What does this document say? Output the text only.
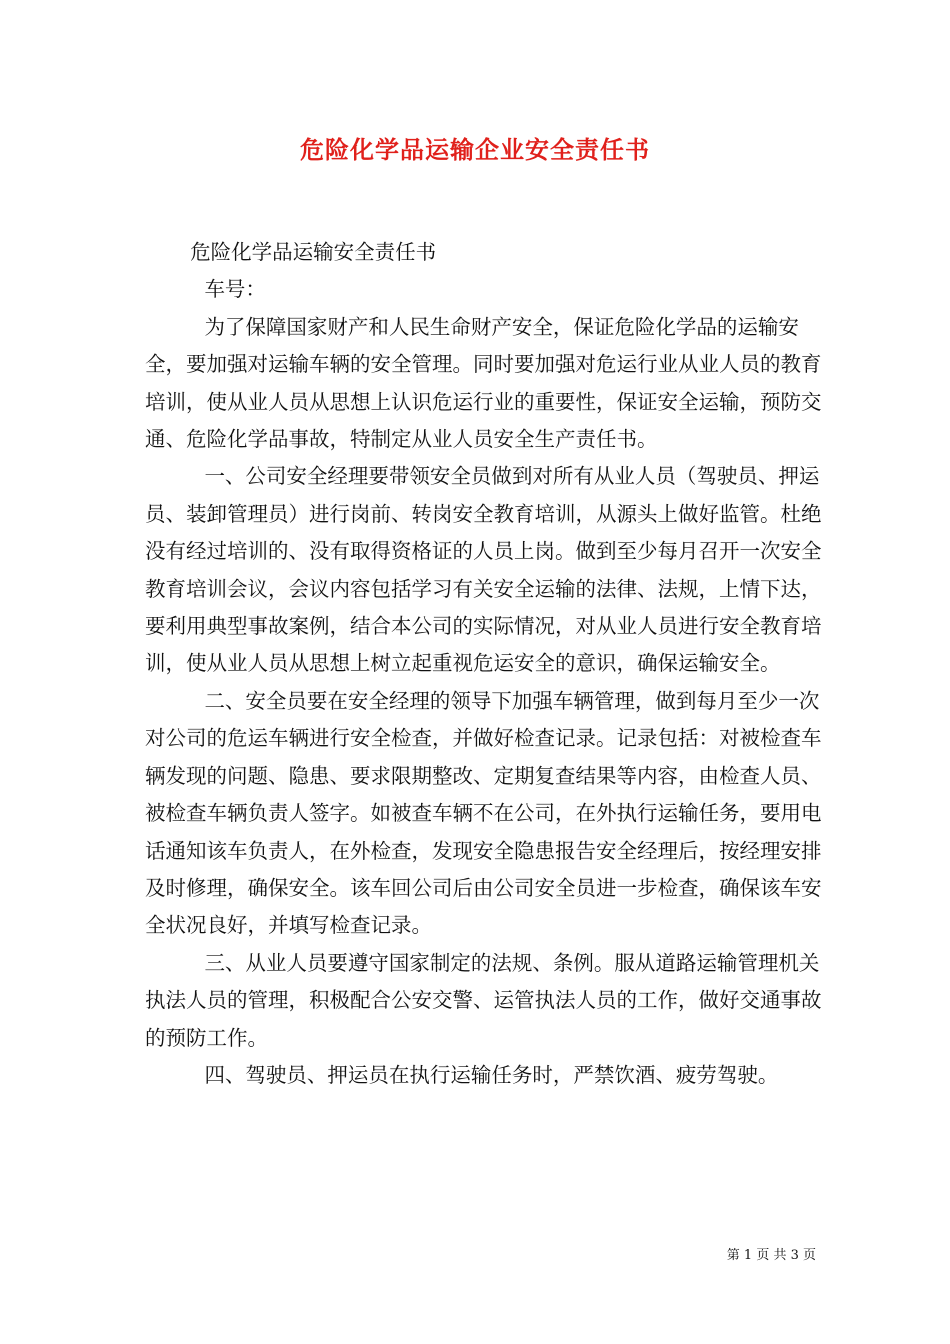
危险化学品运输企业安全责任书

危险化学品运输安全责任书

车号：

为了保障国家财产和人民生命财产安全，保证危险化学品的运输安全，要加强对运输车辆的安全管理。同时要加强对危运行业从业人员的教育培训，使从业人员从思想上认识危运行业的重要性，保证安全运输，预防交通、危险化学品事故，特制定从业人员安全生产责任书。

一、公司安全经理要带领安全员做到对所有从业人员（驾驶员、押运员、装卸管理员）进行岗前、转岗安全教育培训，从源头上做好监管。杜绝没有经过培训的、没有取得资格证的人员上岗。做到至少每月召开一次安全教育培训会议，会议内容包括学习有关安全运输的法律、法规，上情下达，要利用典型事故案例，结合本公司的实际情况，对从业人员进行安全教育培训，使从业人员从思想上树立起重视危运安全的意识，确保运输安全。

二、安全员要在安全经理的领导下加强车辆管理，做到每月至少一次对公司的危运车辆进行安全检查，并做好检查记录。记录包括：对被检查车辆发现的问题、隐患、要求限期整改、定期复查结果等内容，由检查人员、被检查车辆负责人签字。如被查车辆不在公司，在外执行运输任务，要用电话通知该车负责人，在外检查，发现安全隐患报告安全经理后，按经理安排及时修理，确保安全。该车回公司后由公司安全员进一步检查，确保该车安全状况良好，并填写检查记录。

三、从业人员要遵守国家制定的法规、条例。服从道路运输管理机关执法人员的管理，积极配合公安交警、运管执法人员的工作，做好交通事故的预防工作。

四、驾驶员、押运员在执行运输任务时，严禁饮酒、疲劳驾驶。

第 1 页 共 3 页
